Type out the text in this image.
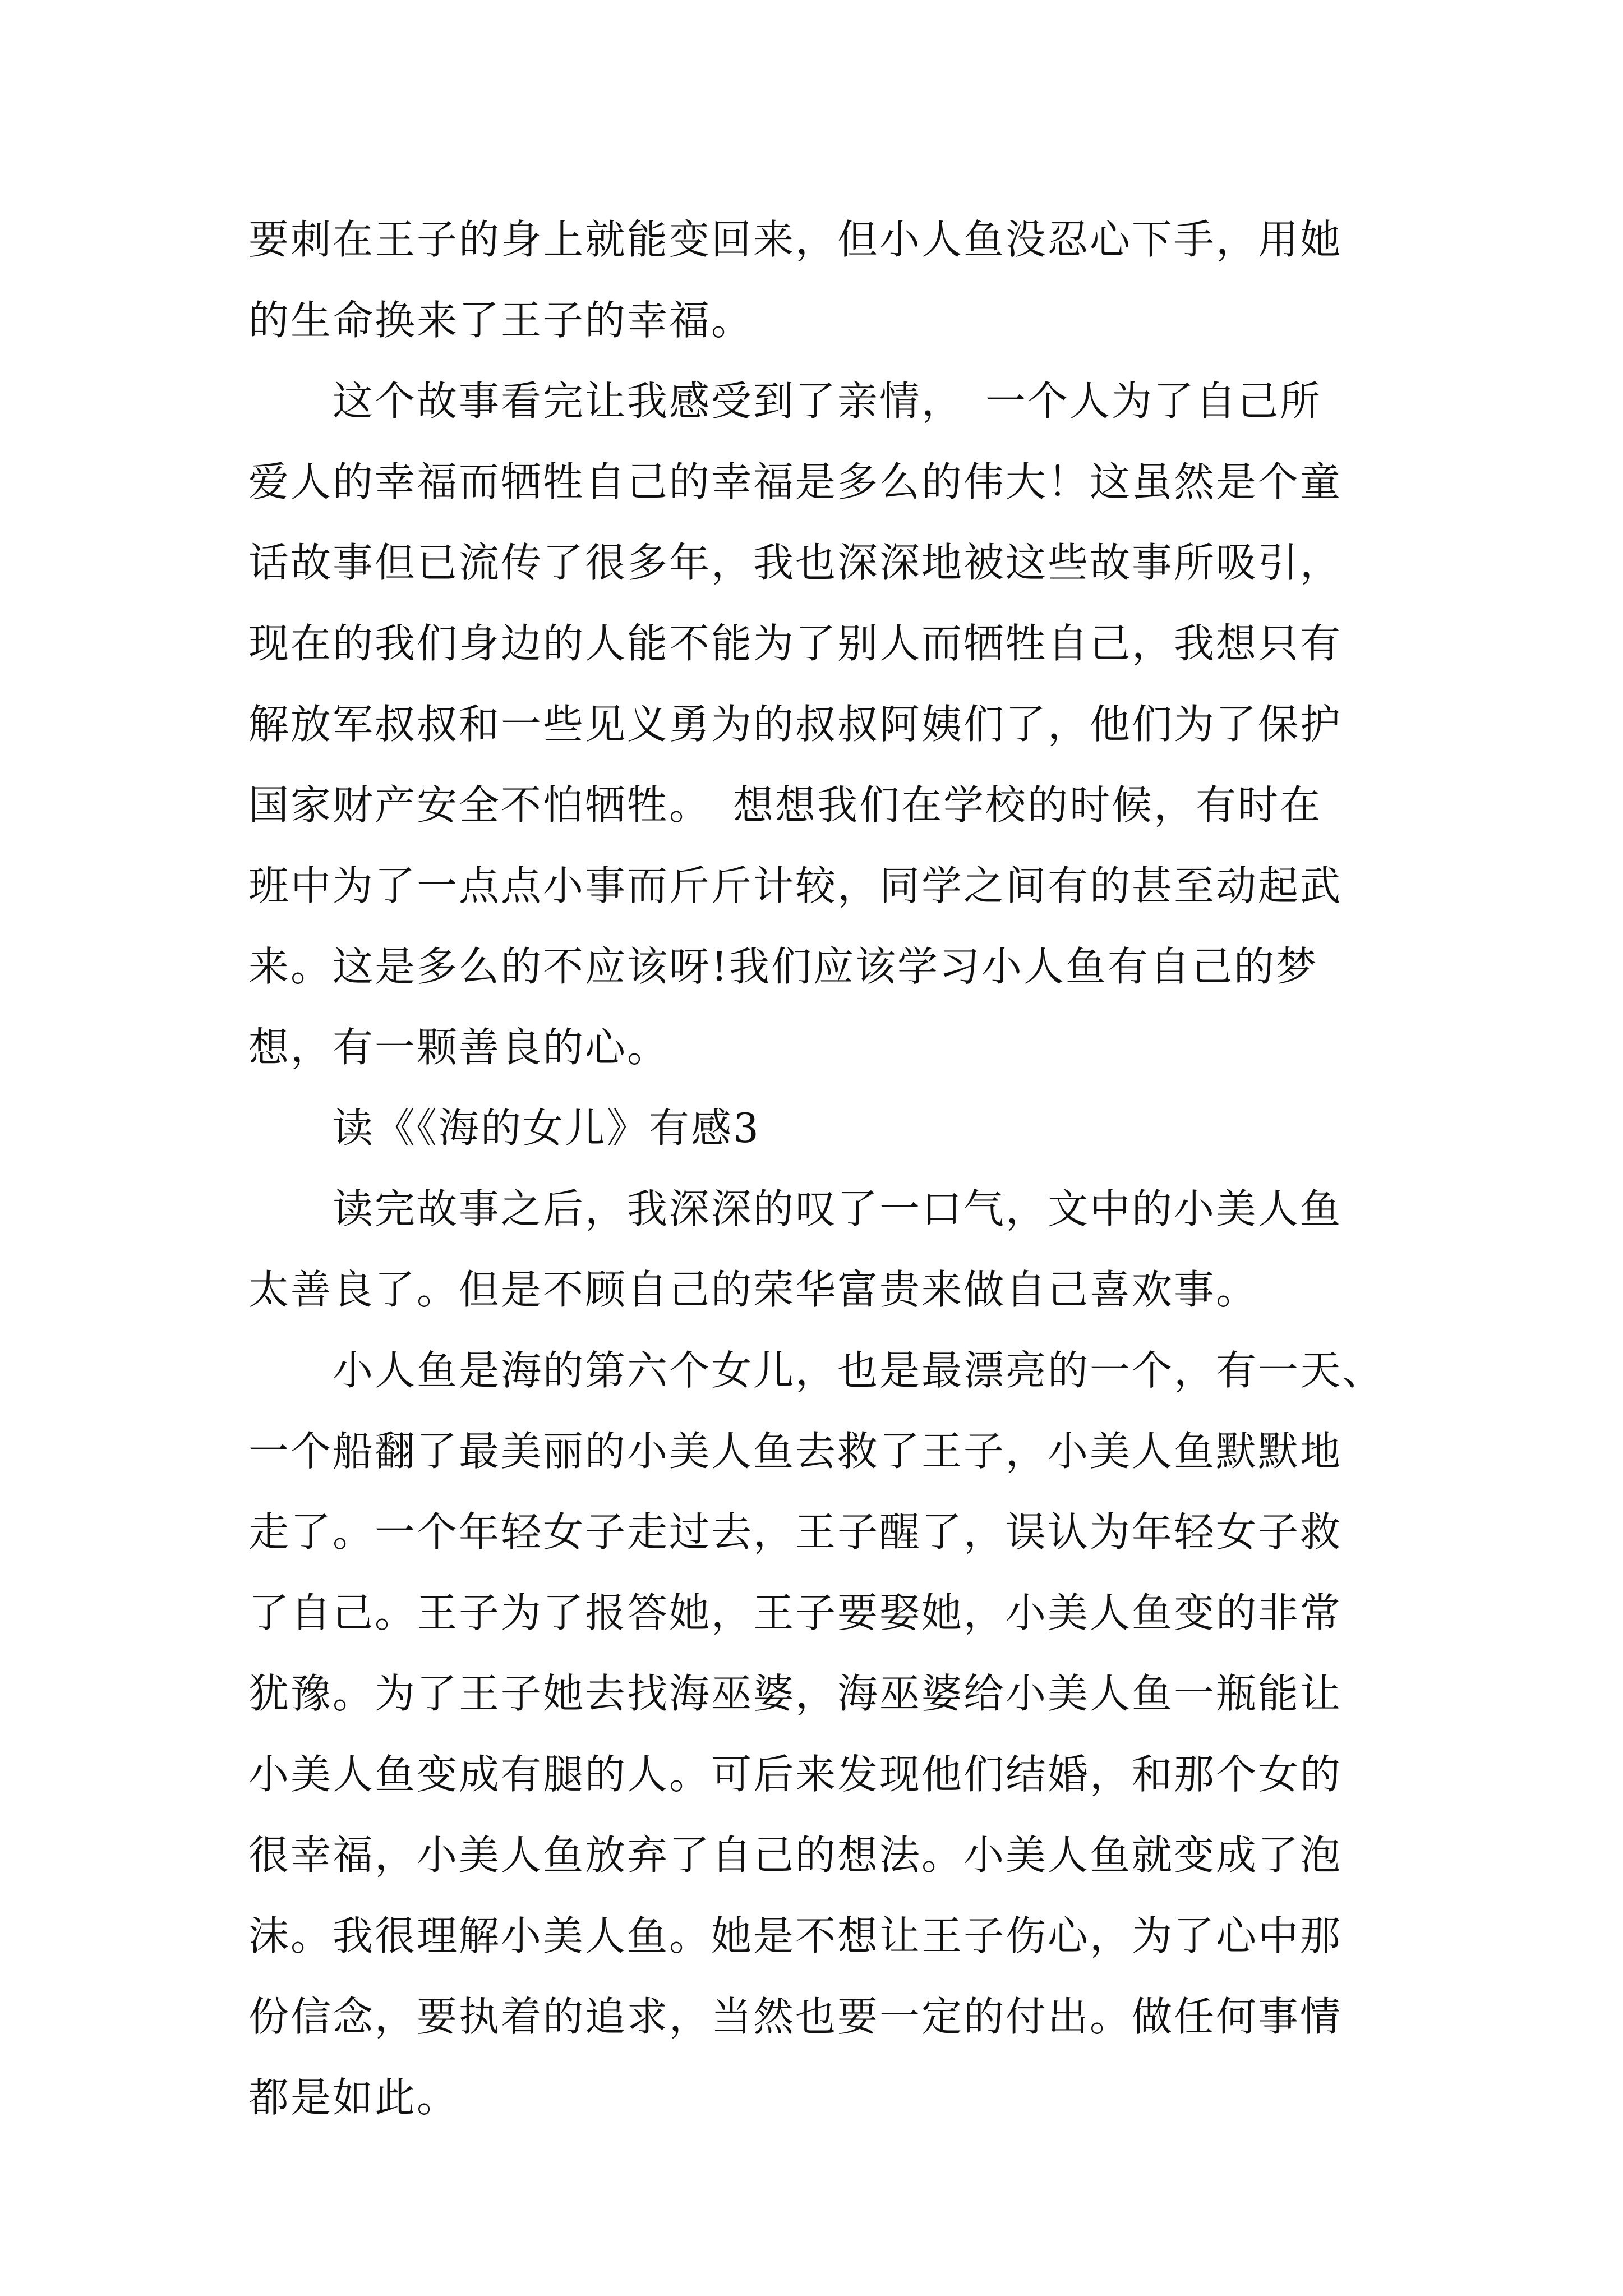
要刺在王子的身上就能变回来，但小人鱼没忍心下手，用她
的生命换来了王子的幸福。
　　这个故事看完让我感受到了亲情，　一个人为了自己所
爱人的幸福而牺牲自己的幸福是多么的伟大！这虽然是个童
话故事但已流传了很多年，我也深深地被这些故事所吸引，
现在的我们身边的人能不能为了别人而牺牲自己，我想只有
解放军叔叔和一些见义勇为的叔叔阿姨们了，他们为了保护
国家财产安全不怕牺牲。　想想我们在学校的时候，有时在
班中为了一点点小事而斤斤计较，同学之间有的甚至动起武
来。这是多么的不应该呀!我们应该学习小人鱼有自己的梦
想，有一颗善良的心。
　　读《《海的女儿》有感3
　　读完故事之后，我深深的叹了一口气，文中的小美人鱼
太善良了。但是不顾自己的荣华富贵来做自己喜欢事。
　　小人鱼是海的第六个女儿，也是最漂亮的一个，有一天、
一个船翻了最美丽的小美人鱼去救了王子，小美人鱼默默地
走了。一个年轻女子走过去，王子醒了，误认为年轻女子救
了自己。王子为了报答她，王子要娶她，小美人鱼变的非常
犹豫。为了王子她去找海巫婆，海巫婆给小美人鱼一瓶能让
小美人鱼变成有腿的人。可后来发现他们结婚，和那个女的
很幸福，小美人鱼放弃了自己的想法。小美人鱼就变成了泡
沫。我很理解小美人鱼。她是不想让王子伤心，为了心中那
份信念，要执着的追求，当然也要一定的付出。做任何事情
都是如此。
